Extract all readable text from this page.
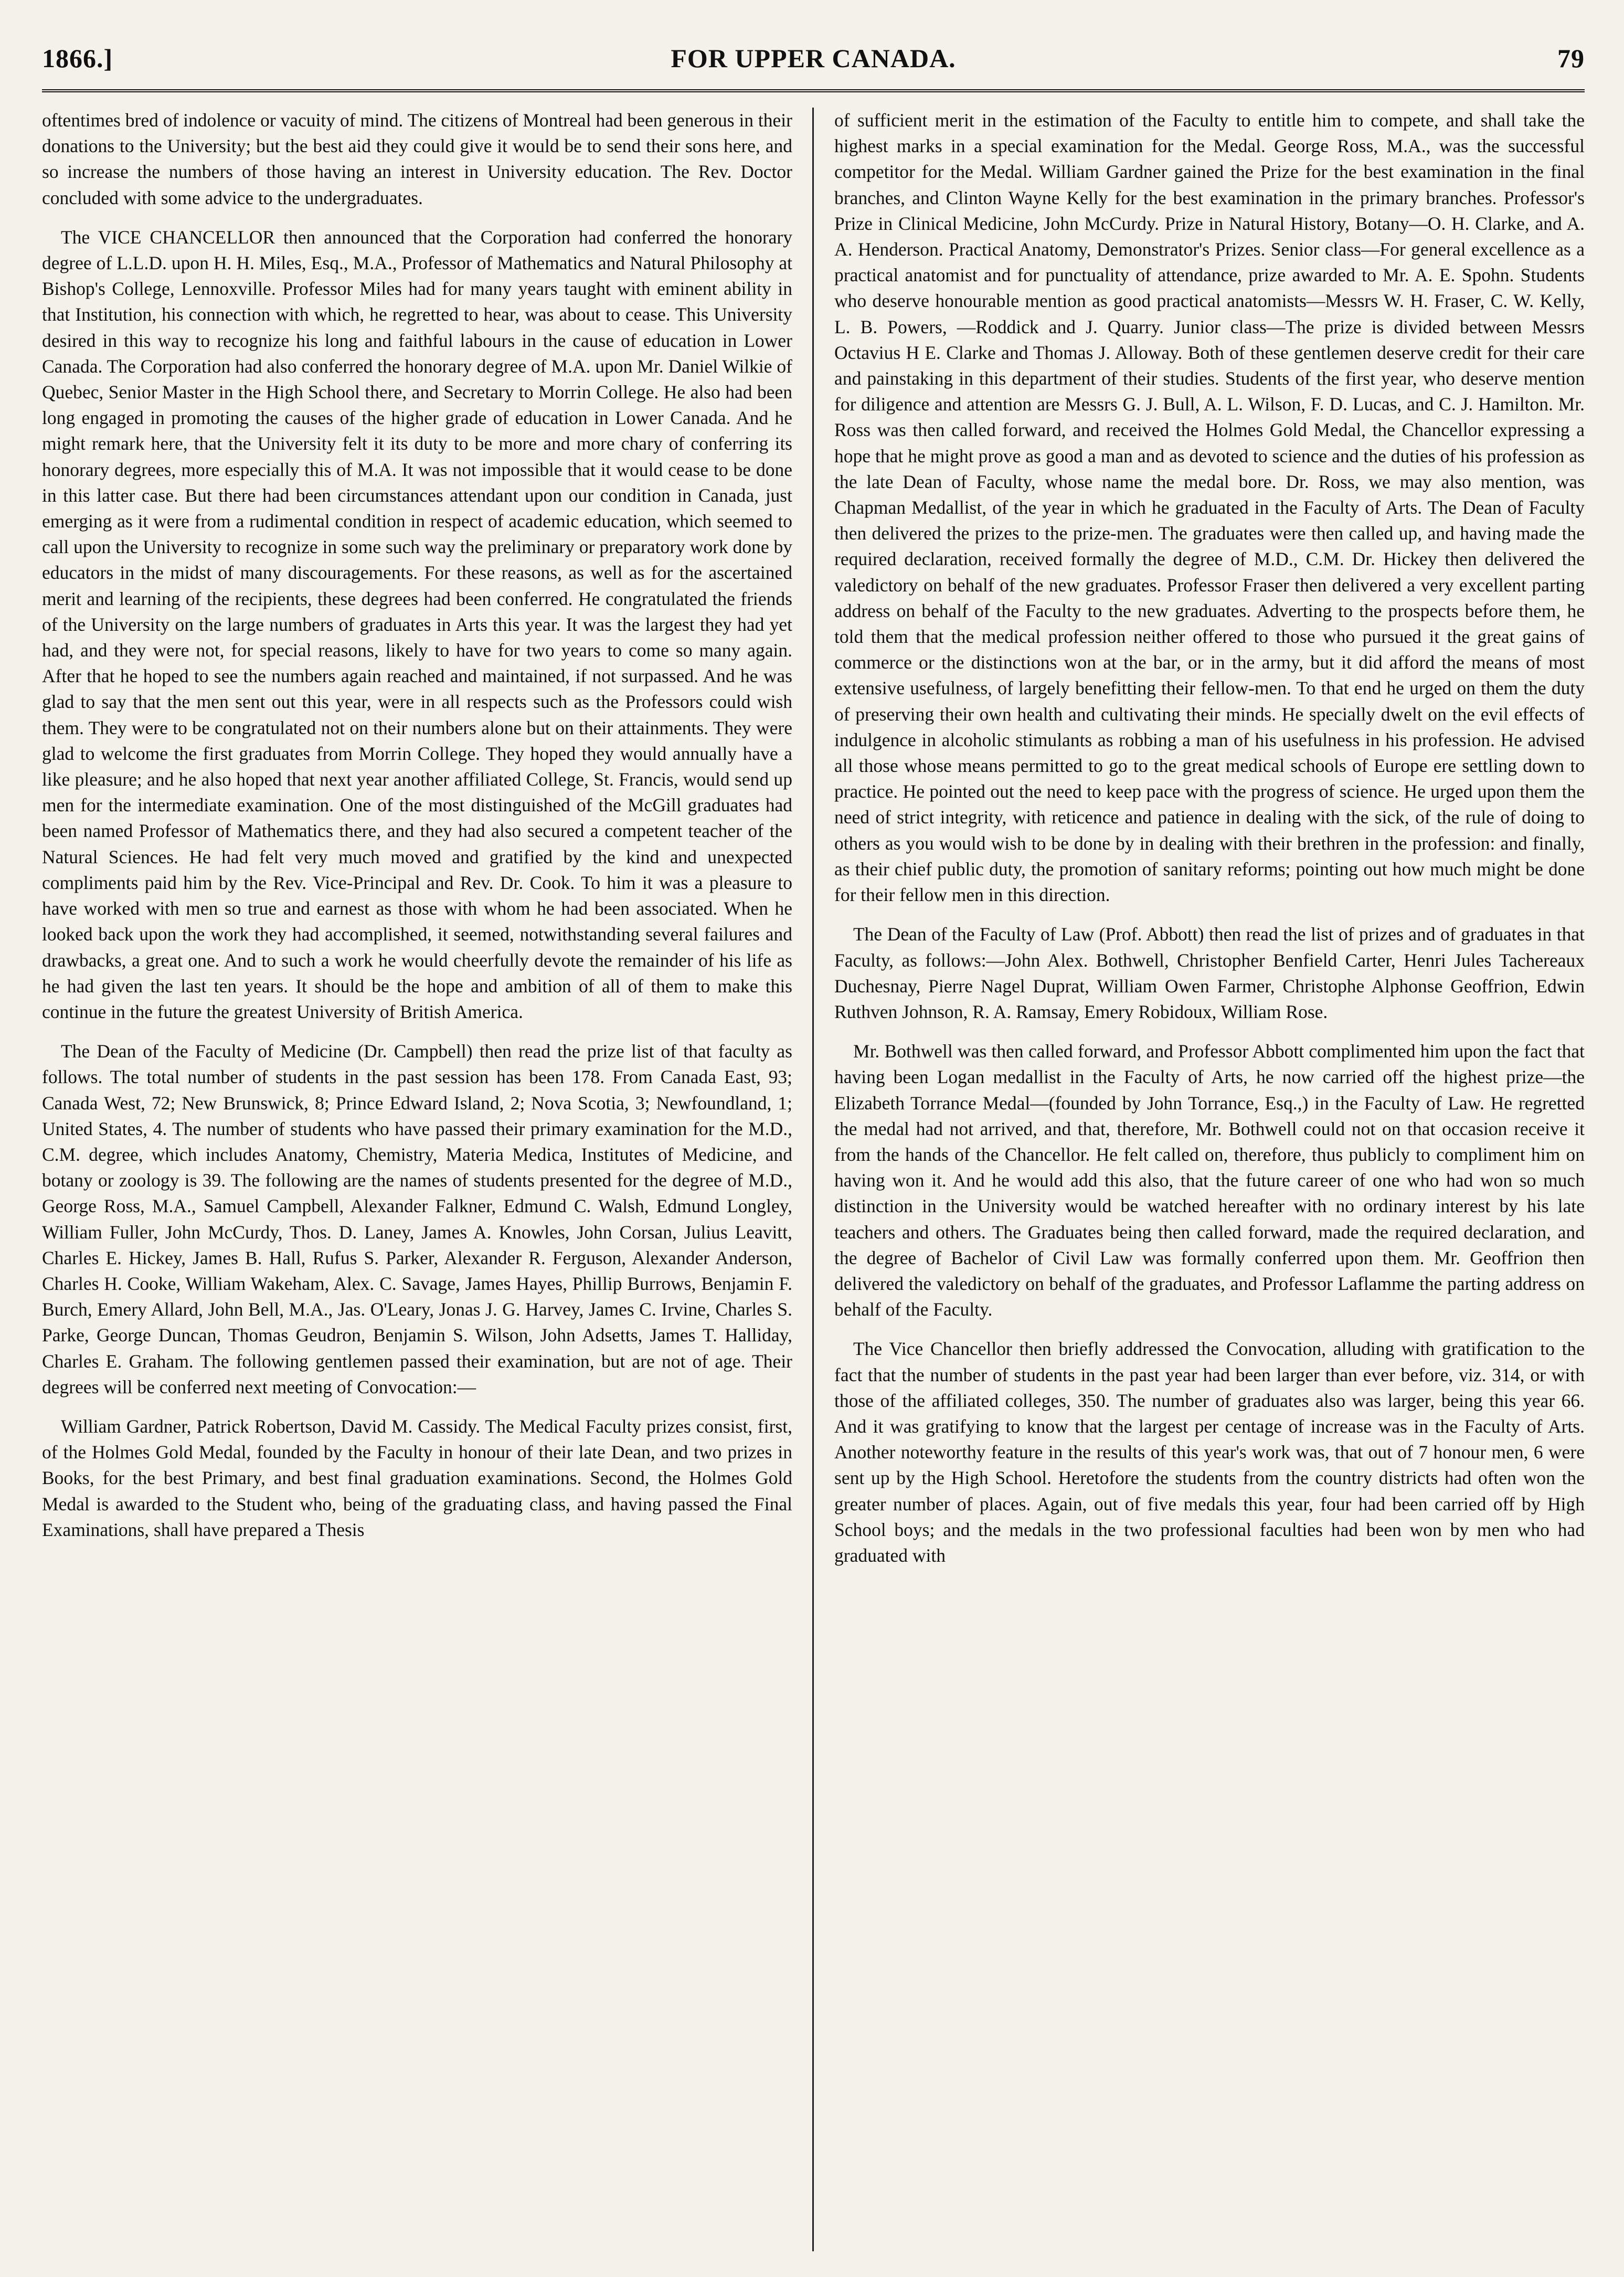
FOR UPPER CANADA.
1866.]	79

oftentimes bred of indolence or vacuity of mind. The citizens of Montreal had been generous in their donations to the University; but the best aid they could give it would be to send their sons here, and so increase the numbers of those having an interest in University education. The Rev. Doctor concluded with some advice to the undergraduates.

The VICE CHANCELLOR then announced that the Corporation had conferred the honorary degree of L.L.D. upon H. H. Miles, Esq., M.A., Professor of Mathematics and Natural Philosophy at Bishop's College, Lennoxville. Professor Miles had for many years taught with eminent ability in that Institution, his connection with which, he regretted to hear, was about to cease. This University desired in this way to recognize his long and faithful labours in the cause of education in Lower Canada. The Corporation had also conferred the honorary degree of M.A. upon Mr. Daniel Wilkie of Quebec, Senior Master in the High School there, and Secretary to Morrin College. He also had been long engaged in promoting the causes of the higher grade of education in Lower Canada. And he might remark here, that the University felt it its duty to be more and more chary of conferring its honorary degrees, more especially this of M.A. It was not impossible that it would cease to be done in this latter case. But there had been circumstances attendant upon our condition in Canada, just emerging as it were from a rudimental condition in respect of academic education, which seemed to call upon the University to recognize in some such way the preliminary or preparatory work done by educators in the midst of many discouragements. For these reasons, as well as for the ascertained merit and learning of the recipients, these degrees had been conferred. He congratulated the friends of the University on the large numbers of graduates in Arts this year. It was the largest they had yet had, and they were not, for special reasons, likely to have for two years to come so many again. After that he hoped to see the numbers again reached and maintained, if not surpassed. And he was glad to say that the men sent out this year, were in all respects such as the Professors could wish them. They were to be congratulated not on their numbers alone but on their attainments. They were glad to welcome the first graduates from Morrin College. They hoped they would annually have a like pleasure; and he also hoped that next year another affiliated College, St. Francis, would send up men for the intermediate examination. One of the most distinguished of the McGill graduates had been named Professor of Mathematics there, and they had also secured a competent teacher of the Natural Sciences. He had felt very much moved and gratified by the kind and unexpected compliments paid him by the Rev. Vice-Principal and Rev. Dr. Cook. To him it was a pleasure to have worked with men so true and earnest as those with whom he had been associated. When he looked back upon the work they had accomplished, it seemed, notwithstanding several failures and drawbacks, a great one. And to such a work he would cheerfully devote the remainder of his life as he had given the last ten years. It should be the hope and ambition of all of them to make this continue in the future the greatest University of British America.

The Dean of the Faculty of Medicine (Dr. Campbell) then read the prize list of that faculty as follows. The total number of students in the past session has been 178. From Canada East, 93; Canada West, 72; New Brunswick, 8; Prince Edward Island, 2; Nova Scotia, 3; Newfoundland, 1; United States, 4. The number of students who have passed their primary examination for the M.D., C.M. degree, which includes Anatomy, Chemistry, Materia Medica, Institutes of Medicine, and botany or zoology is 39. The following are the names of students presented for the degree of M.D., George Ross, M.A., Samuel Campbell, Alexander Falkner, Edmund C. Walsh, Edmund Longley, William Fuller, John McCurdy, Thos. D. Laney, James A. Knowles, John Corsan, Julius Leavitt, Charles E. Hickey, James B. Hall, Rufus S. Parker, Alexander R. Ferguson, Alexander Anderson, Charles H. Cooke, William Wakeham, Alex. C. Savage, James Hayes, Phillip Burrows, Benjamin F. Burch, Emery Allard, John Bell, M.A., Jas. O'Leary, Jonas J. G. Harvey, James C. Irvine, Charles S. Parke, George Duncan, Thomas Geudron, Benjamin S. Wilson, John Adsetts, James T. Halliday, Charles E. Graham. The following gentlemen passed their examination, but are not of age. Their degrees will be conferred next meeting of Convocation:—

William Gardner, Patrick Robertson, David M. Cassidy. The Medical Faculty prizes consist, first, of the Holmes Gold Medal, founded by the Faculty in honour of their late Dean, and two prizes in Books, for the best Primary, and best final graduation examinations. Second, the Holmes Gold Medal is awarded to the Student who, being of the graduating class, and having passed the Final Examinations, shall have prepared a Thesis

of sufficient merit in the estimation of the Faculty to entitle him to compete, and shall take the highest marks in a special examination for the Medal. George Ross, M.A., was the successful competitor for the Medal. William Gardner gained the Prize for the best examination in the final branches, and Clinton Wayne Kelly for the best examination in the primary branches. Professor's Prize in Clinical Medicine, John McCurdy. Prize in Natural History, Botany—O. H. Clarke, and A. A. Henderson. Practical Anatomy, Demonstrator's Prizes. Senior class—For general excellence as a practical anatomist and for punctuality of attendance, prize awarded to Mr. A. E. Spohn. Students who deserve honourable mention as good practical anatomists—Messrs W. H. Fraser, C. W. Kelly, L. B. Powers, —Roddick and J. Quarry. Junior class—The prize is divided between Messrs Octavius H E. Clarke and Thomas J. Alloway. Both of these gentlemen deserve credit for their care and painstaking in this department of their studies. Students of the first year, who deserve mention for diligence and attention are Messrs G. J. Bull, A. L. Wilson, F. D. Lucas, and C. J. Hamilton. Mr. Ross was then called forward, and received the Holmes Gold Medal, the Chancellor expressing a hope that he might prove as good a man and as devoted to science and the duties of his profession as the late Dean of Faculty, whose name the medal bore. Dr. Ross, we may also mention, was Chapman Medallist, of the year in which he graduated in the Faculty of Arts. The Dean of Faculty then delivered the prizes to the prize-men. The graduates were then called up, and having made the required declaration, received formally the degree of M.D., C.M. Dr. Hickey then delivered the valedictory on behalf of the new graduates. Professor Fraser then delivered a very excellent parting address on behalf of the Faculty to the new graduates. Adverting to the prospects before them, he told them that the medical profession neither offered to those who pursued it the great gains of commerce or the distinctions won at the bar, or in the army, but it did afford the means of most extensive usefulness, of largely benefitting their fellow-men. To that end he urged on them the duty of preserving their own health and cultivating their minds. He specially dwelt on the evil effects of indulgence in alcoholic stimulants as robbing a man of his usefulness in his profession. He advised all those whose means permitted to go to the great medical schools of Europe ere settling down to practice. He pointed out the need to keep pace with the progress of science. He urged upon them the need of strict integrity, with reticence and patience in dealing with the sick, of the rule of doing to others as you would wish to be done by in dealing with their brethren in the profession: and finally, as their chief public duty, the promotion of sanitary reforms; pointing out how much might be done for their fellow men in this direction.

The Dean of the Faculty of Law (Prof. Abbott) then read the list of prizes and of graduates in that Faculty, as follows:—John Alex. Bothwell, Christopher Benfield Carter, Henri Jules Tachereaux Duchesnay, Pierre Nagel Duprat, William Owen Farmer, Christophe Alphonse Geoffrion, Edwin Ruthven Johnson, R. A. Ramsay, Emery Robidoux, William Rose.

Mr. Bothwell was then called forward, and Professor Abbott complimented him upon the fact that having been Logan medallist in the Faculty of Arts, he now carried off the highest prize—the Elizabeth Torrance Medal—(founded by John Torrance, Esq.,) in the Faculty of Law. He regretted the medal had not arrived, and that, therefore, Mr. Bothwell could not on that occasion receive it from the hands of the Chancellor. He felt called on, therefore, thus publicly to compliment him on having won it. And he would add this also, that the future career of one who had won so much distinction in the University would be watched hereafter with no ordinary interest by his late teachers and others. The Graduates being then called forward, made the required declaration, and the degree of Bachelor of Civil Law was formally conferred upon them. Mr. Geoffrion then delivered the valedictory on behalf of the graduates, and Professor Laflamme the parting address on behalf of the Faculty.

The Vice Chancellor then briefly addressed the Convocation, alluding with gratification to the fact that the number of students in the past year had been larger than ever before, viz. 314, or with those of the affiliated colleges, 350. The number of graduates also was larger, being this year 66. And it was gratifying to know that the largest per centage of increase was in the Faculty of Arts. Another noteworthy feature in the results of this year's work was, that out of 7 honour men, 6 were sent up by the High School. Heretofore the students from the country districts had often won the greater number of places. Again, out of five medals this year, four had been carried off by High School boys; and the medals in the two professional faculties had been won by men who had graduated with
